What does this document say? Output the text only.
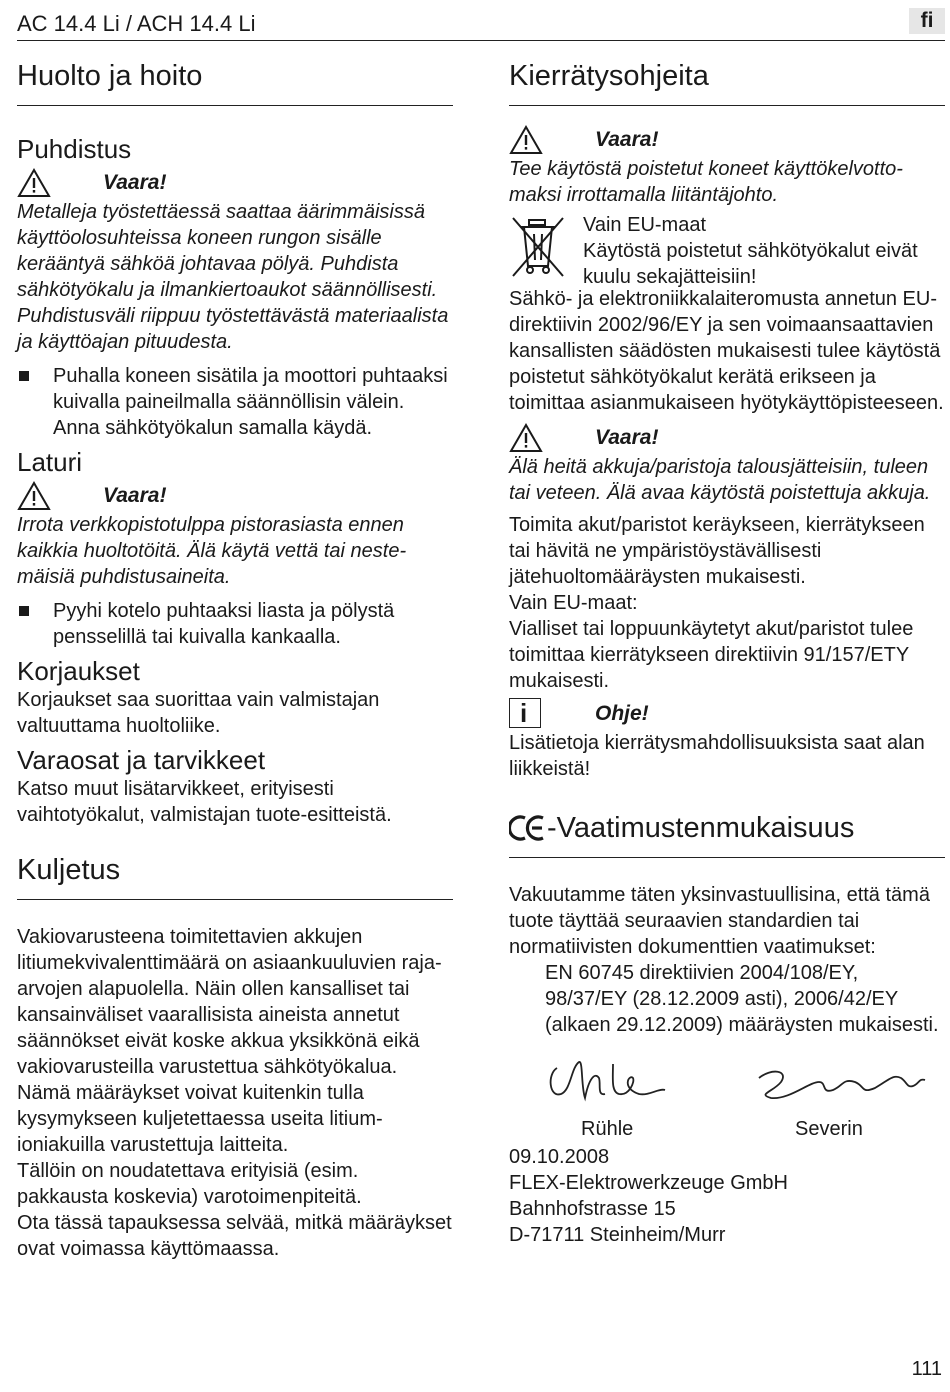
AC 14.4 Li / ACH 14.4 Li	fi
Huolto ja hoito
Puhdistus
Vaara!

Metalleja työstettäessä saattaa äärimmäisissä käyttöolosuhteissa koneen rungon sisälle kerääntyä sähköä johtavaa pölyä. Puhdista sähkötyökalu ja ilmankiertoaukot säännöllisesti. Puhdistusväli riippuu työstettävästä materiaalista ja käyttöajan pituudesta.

Puhalla koneen sisätila ja moottori puhtaaksi kuivalla paineilmalla säännöllisin välein. Anna sähkötyökalun samalla käydä.
Laturi
Vaara!

Irrota verkkopistotulppa pistorasiasta ennen kaikkia huoltotöitä. Älä käytä vettä tai nestemäisiä puhdistusaineita.

Pyyhi kotelo puhtaaksi liasta ja pölystä pensselillä tai kuivalla kankaalla.
Korjaukset

Korjaukset saa suorittaa vain valmistajan valtuuttama huoltoliike.

Varaosat ja tarvikkeet

Katso muut lisätarvikkeet, erityisesti vaihtotyökalut, valmistajan tuote-esitteistä.

Kuljetus

Vakiovarusteena toimitettavien akkujen litiumekvivalenttimäärä on asiaankuuluvien raja-arvojen alapuolella. Näin ollen kansalliset tai kansainväliset vaarallisista aineista annetut säännökset eivät koske akkua yksikkönä eikä vakiovarusteilla varustettua sähkötyökalua.

Nämä määräykset voivat kuitenkin tulla kysymykseen kuljetettaessa useita litiumioniakuilla varustettuja laitteita.

Tällöin on noudatettava erityisiä (esim. pakkausta koskevia) varotoimenpiteitä.

Ota tässä tapauksessa selvää, mitkä määräykset ovat voimassa käyttömaassa.

Kierrätysohjeita
Vaara!

Tee käytöstä poistetut koneet käyttökelvottomaksi irrottamalla liitäntäjohto.

Vain EU-maat
Käytöstä poistetut sähkötyökalut eivät kuulu sekajätteisiin!

Sähkö- ja elektroniikkalaiteromusta annetun EU-direktiivin 2002/96/EY ja sen voimaansaattavien kansallisten säädösten mukaisesti tulee käytöstä poistetut sähkötyökalut kerätä erikseen ja toimittaa asianmukaiseen hyötykäyttöpisteeseen.

Vaara!

Älä heitä akkuja/paristoja talousjätteisiin, tuleen tai veteen. Älä avaa käytöstä poistettuja akkuja.

Toimita akut/paristot keräykseen, kierrätykseen tai hävitä ne ympäristöystävällisesti jätehuoltomääräysten mukaisesti.

Vain EU-maat:

Vialliset tai loppuunkäytetyt akut/paristot tulee toimittaa kierrätykseen direktiivin 91/157/ETY mukaisesti.

i	Ohje!

Lisätietoja kierrätysmahdollisuuksista saat alan liikkeistä!

-Vaatimustenmukaisuus

Vakuutamme täten yksinvastuullisina, että tämä tuote täyttää seuraavien standardien tai normatiivisten dokumenttien vaatimukset:

EN 60745 direktiivien 2004/108/EY, 98/37/EY (28.12.2009 asti), 2006/42/EY (alkaen 29.12.2009) määräysten mukaisesti.

Rühle	Severin

09.10.2008

FLEX-Elektrowerkzeuge GmbH

Bahnhofstrasse 15

D-71711 Steinheim/Murr

111
